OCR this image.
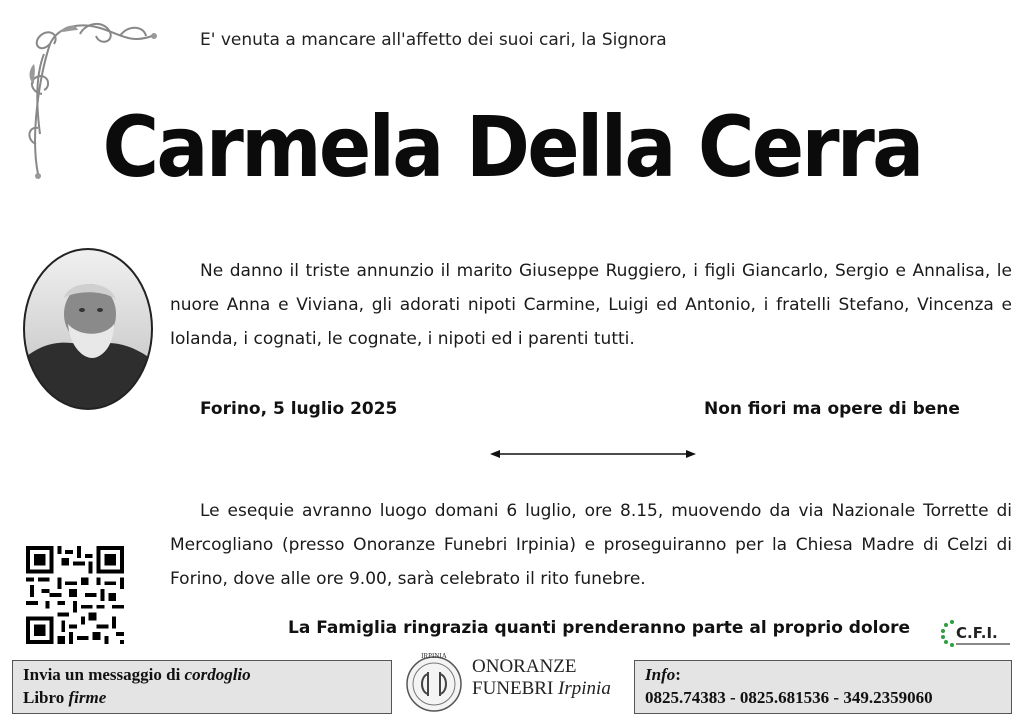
E' venuta a mancare all'affetto dei suoi cari, la Signora
Carmela Della Cerra
Ne danno il triste annunzio il marito Giuseppe Ruggiero, i figli Giancarlo, Sergio e Annalisa, le nuore Anna e Viviana, gli adorati nipoti Carmine, Luigi ed Antonio, i fratelli Stefano, Vincenza e Iolanda, i cognati, le cognate, i nipoti ed i parenti tutti.
Forino, 5 luglio 2025	Non fiori ma opere di bene
Le esequie avranno luogo domani 6 luglio, ore 8.15, muovendo da via Nazionale Torrette di Mercogliano (presso Onoranze Funebri Irpinia) e proseguiranno per la Chiesa Madre di Celzi di Forino, dove alle ore 9.00, sarà celebrato il rito funebre.
La Famiglia ringrazia quanti prenderanno parte al proprio dolore	C.F.I.
Invia un messaggio di cordoglio
Libro firme
IRPINIA ONORANZE
FUNEBRI Irpinia
Info:
0825.74383 - 0825.681536 - 349.2359060
